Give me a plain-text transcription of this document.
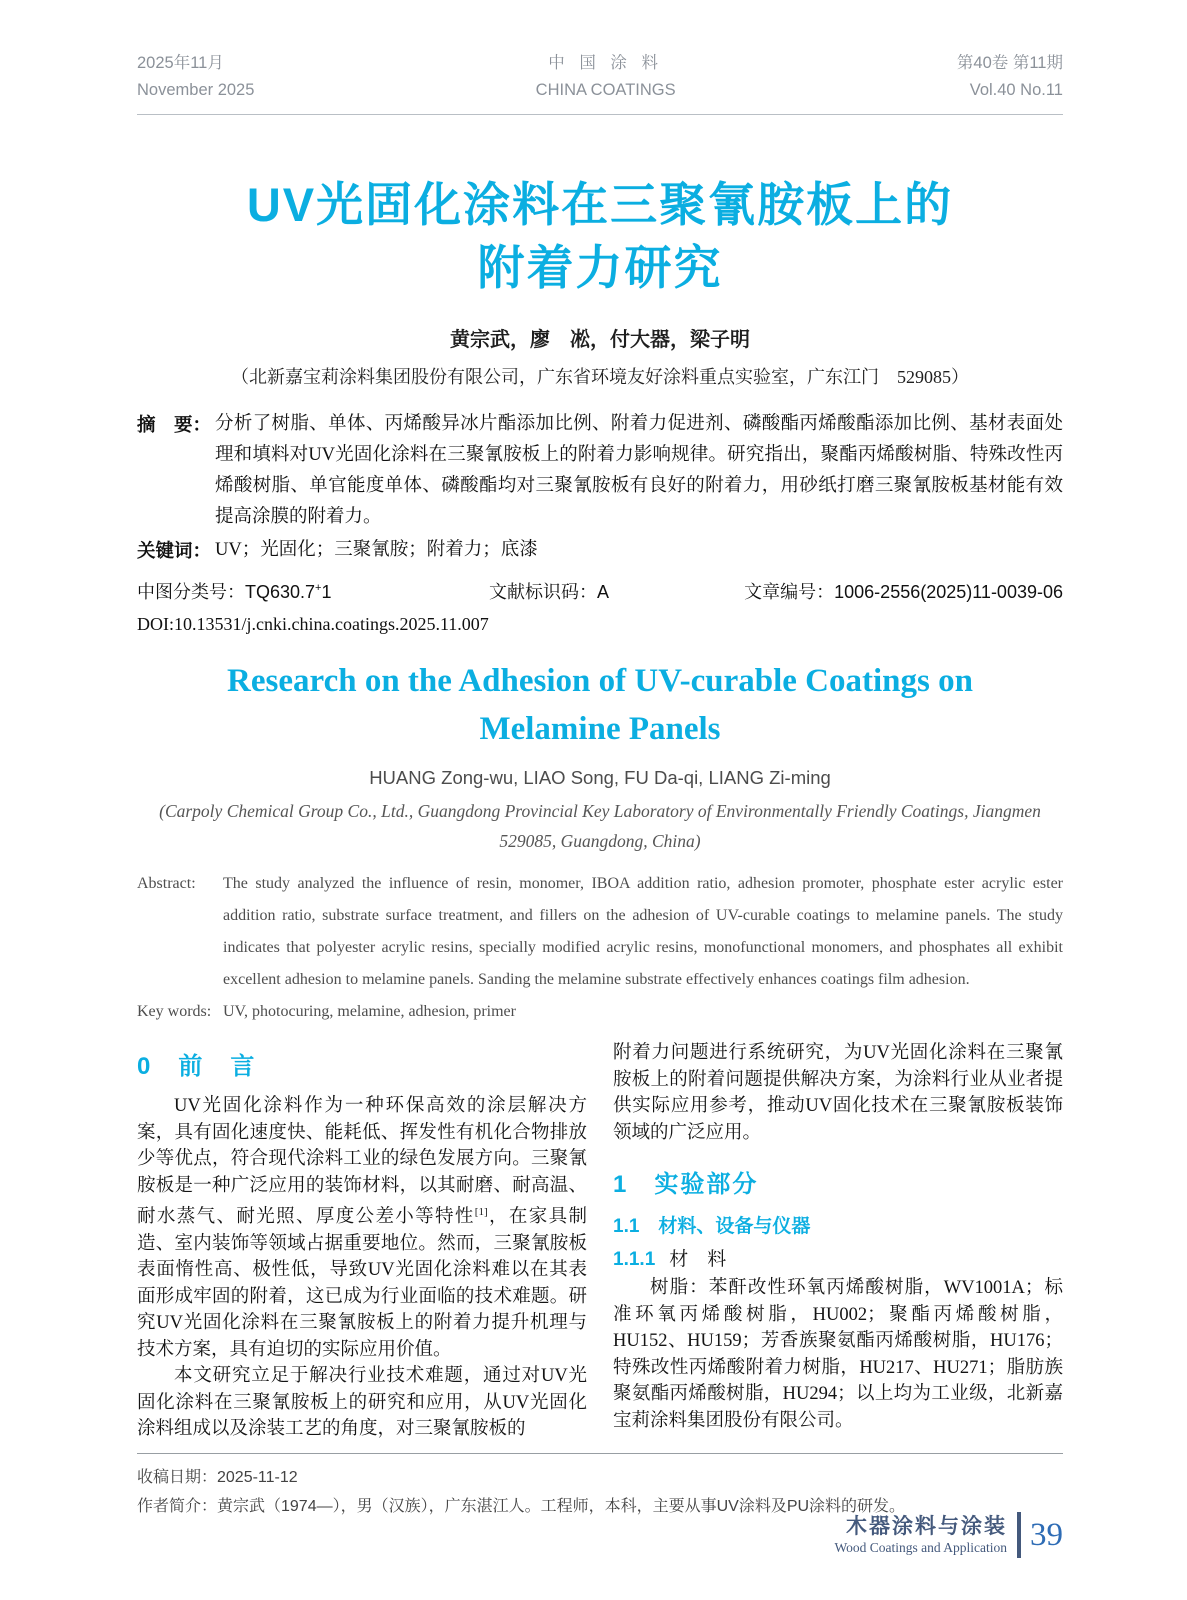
2025年11月
November 2025
中 国 涂 料
CHINA COATINGS
第40卷 第11期
Vol.40 No.11
UV光固化涂料在三聚氰胺板上的
附着力研究
黄宗武，廖　凇，付大器，梁子明
（北新嘉宝莉涂料集团股份有限公司，广东省环境友好涂料重点实验室，广东江门　529085）
摘　要： 分析了树脂、单体、丙烯酸异冰片酯添加比例、附着力促进剂、磷酸酯丙烯酸酯添加比例、基材表面处理和填料对UV光固化涂料在三聚氰胺板上的附着力影响规律。研究指出，聚酯丙烯酸树脂、特殊改性丙烯酸树脂、单官能度单体、磷酸酯均对三聚氰胺板有良好的附着力，用砂纸打磨三聚氰胺板基材能有效提高涂膜的附着力。
关键词： UV；光固化；三聚氰胺；附着力；底漆
中图分类号：TQ630.7+1	文献标识码：A	文章编号：1006-2556(2025)11-0039-06
DOI:10.13531/j.cnki.china.coatings.2025.11.007
Research on the Adhesion of UV-curable Coatings on
Melamine Panels
HUANG Zong-wu, LIAO Song, FU Da-qi, LIANG Zi-ming
(Carpoly Chemical Group Co., Ltd., Guangdong Provincial Key Laboratory of Environmentally Friendly Coatings, Jiangmen
529085, Guangdong, China)
Abstract:	The study analyzed the influence of resin, monomer, IBOA addition ratio, adhesion promoter, phosphate ester acrylic ester addition ratio, substrate surface treatment, and fillers on the adhesion of UV-curable coatings to melamine panels. The study indicates that polyester acrylic resins, specially modified acrylic resins, monofunctional monomers, and phosphates all exhibit excellent adhesion to melamine panels. Sanding the melamine substrate effectively enhances coatings film adhesion.
Key words: UV, photocuring, melamine, adhesion, primer
0　前　言

UV光固化涂料作为一种环保高效的涂层解决方案，具有固化速度快、能耗低、挥发性有机化合物排放少等优点，符合现代涂料工业的绿色发展方向。三聚氰胺板是一种广泛应用的装饰材料，以其耐磨、耐高温、耐水蒸气、耐光照、厚度公差小等特性[1]，在家具制造、室内装饰等领域占据重要地位。然而，三聚氰胺板表面惰性高、极性低，导致UV光固化涂料难以在其表面形成牢固的附着，这已成为行业面临的技术难题。研究UV光固化涂料在三聚氰胺板上的附着力提升机理与技术方案，具有迫切的实际应用价值。

本文研究立足于解决行业技术难题，通过对UV光固化涂料在三聚氰胺板上的研究和应用，从UV光固化涂料组成以及涂装工艺的角度，对三聚氰胺板的

附着力问题进行系统研究，为UV光固化涂料在三聚氰胺板上的附着问题提供解决方案，为涂料行业从业者提供实际应用参考，推动UV固化技术在三聚氰胺板装饰领域的广泛应用。

1　实验部分
1.1　材料、设备与仪器
1.1.1 材　料

树脂：苯酐改性环氧丙烯酸树脂，WV1001A；标准环氧丙烯酸树脂，HU002；聚酯丙烯酸树脂，HU152、HU159；芳香族聚氨酯丙烯酸树脂，HU176；特殊改性丙烯酸附着力树脂，HU217、HU271；脂肪族聚氨酯丙烯酸树脂，HU294；以上均为工业级，北新嘉宝莉涂料集团股份有限公司。

收稿日期：2025-11-12
作者简介：黄宗武（1974—），男（汉族），广东湛江人。工程师，本科，主要从事UV涂料及PU涂料的研发。
木器涂料与涂装
Wood Coatings and Application 39
